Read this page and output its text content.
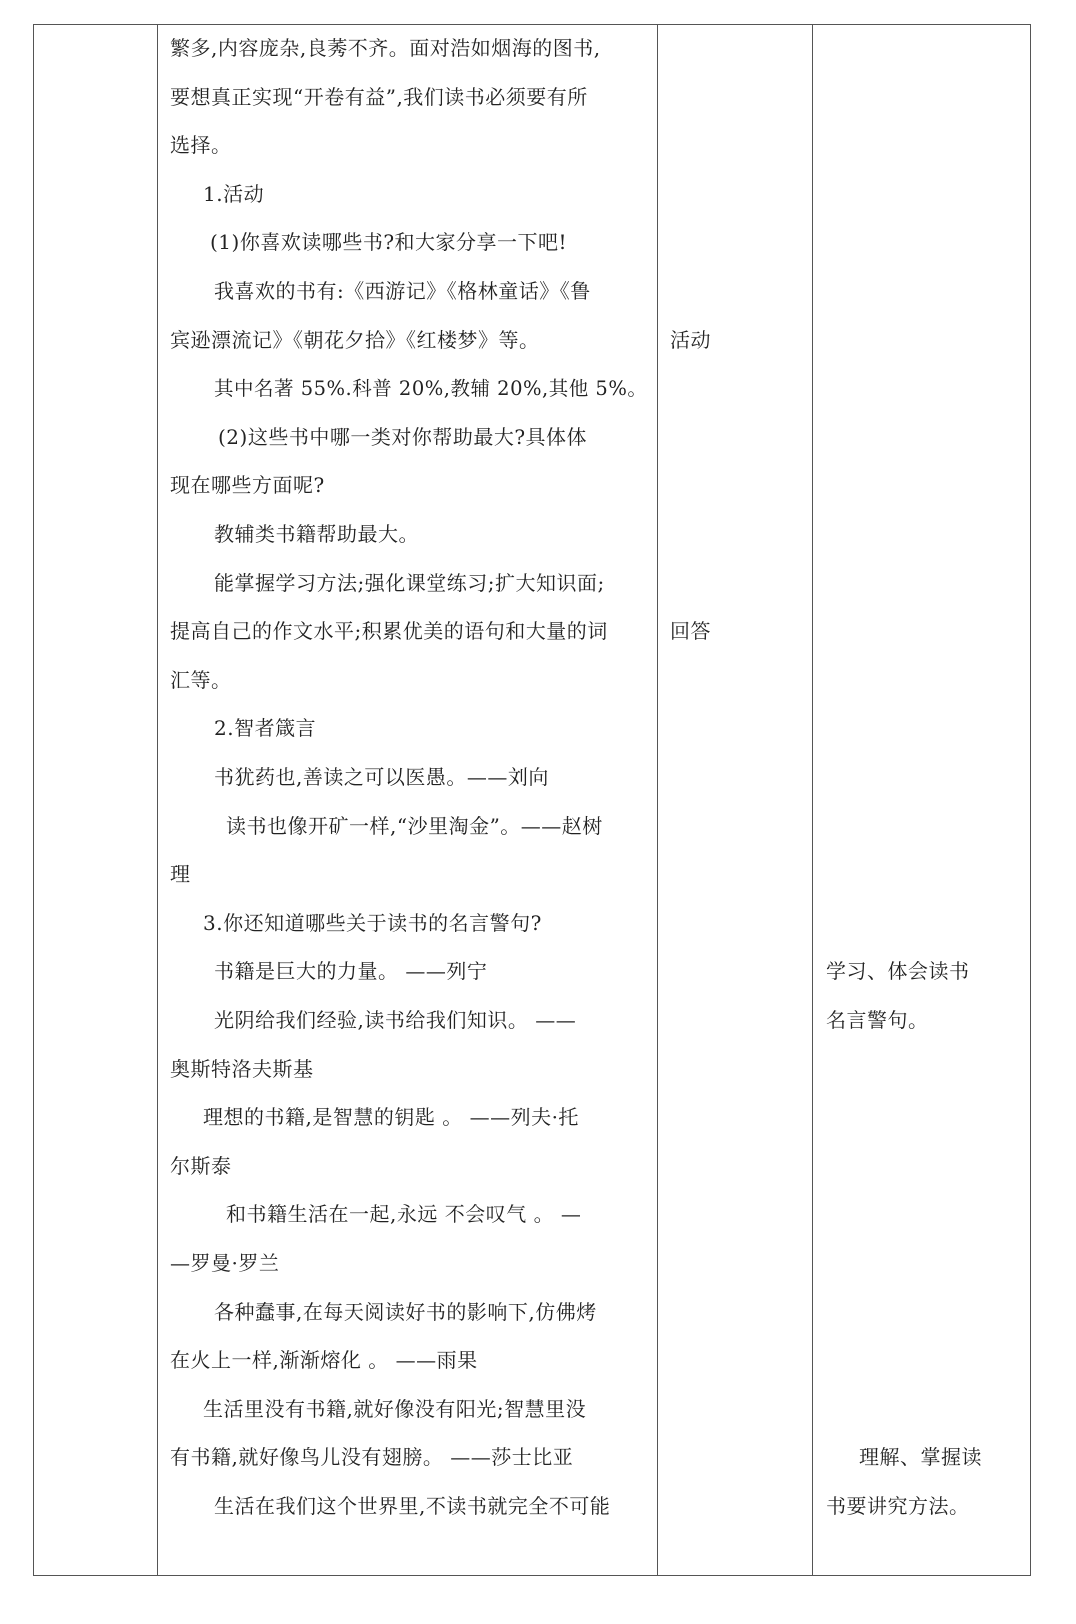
繁多,内容庞杂,良莠不齐。面对浩如烟海的图书,
要想真正实现“开卷有益”,我们读书必须要有所
选择。
1.活动
(1)你喜欢读哪些书?和大家分享一下吧!
我喜欢的书有:《西游记》《格林童话》《鲁
宾逊漂流记》《朝花夕拾》《红楼梦》等。
其中名著 55%.科普 20%,教辅 20%,其他 5%。
(2)这些书中哪一类对你帮助最大?具体体
现在哪些方面呢?
教辅类书籍帮助最大。
能掌握学习方法;强化课堂练习;扩大知识面;
提高自己的作文水平;积累优美的语句和大量的词
汇等。
2.智者箴言
书犹药也,善读之可以医愚。——刘向
读书也像开矿一样,“沙里淘金”。——赵树
理
3.你还知道哪些关于读书的名言警句?
书籍是巨大的力量。 ——列宁
光阴给我们经验,读书给我们知识。 ——
奥斯特洛夫斯基
理想的书籍,是智慧的钥匙 。 ——列夫·托
尔斯泰
和书籍生活在一起,永远 不会叹气 。 —
—罗曼·罗兰
各种蠢事,在每天阅读好书的影响下,仿佛烤
在火上一样,渐渐熔化 。 ——雨果
生活里没有书籍,就好像没有阳光;智慧里没
有书籍,就好像鸟儿没有翅膀。 ——莎士比亚
生活在我们这个世界里,不读书就完全不可能
活动
回答
学习、体会读书
名言警句。
理解、掌握读
书要讲究方法。
